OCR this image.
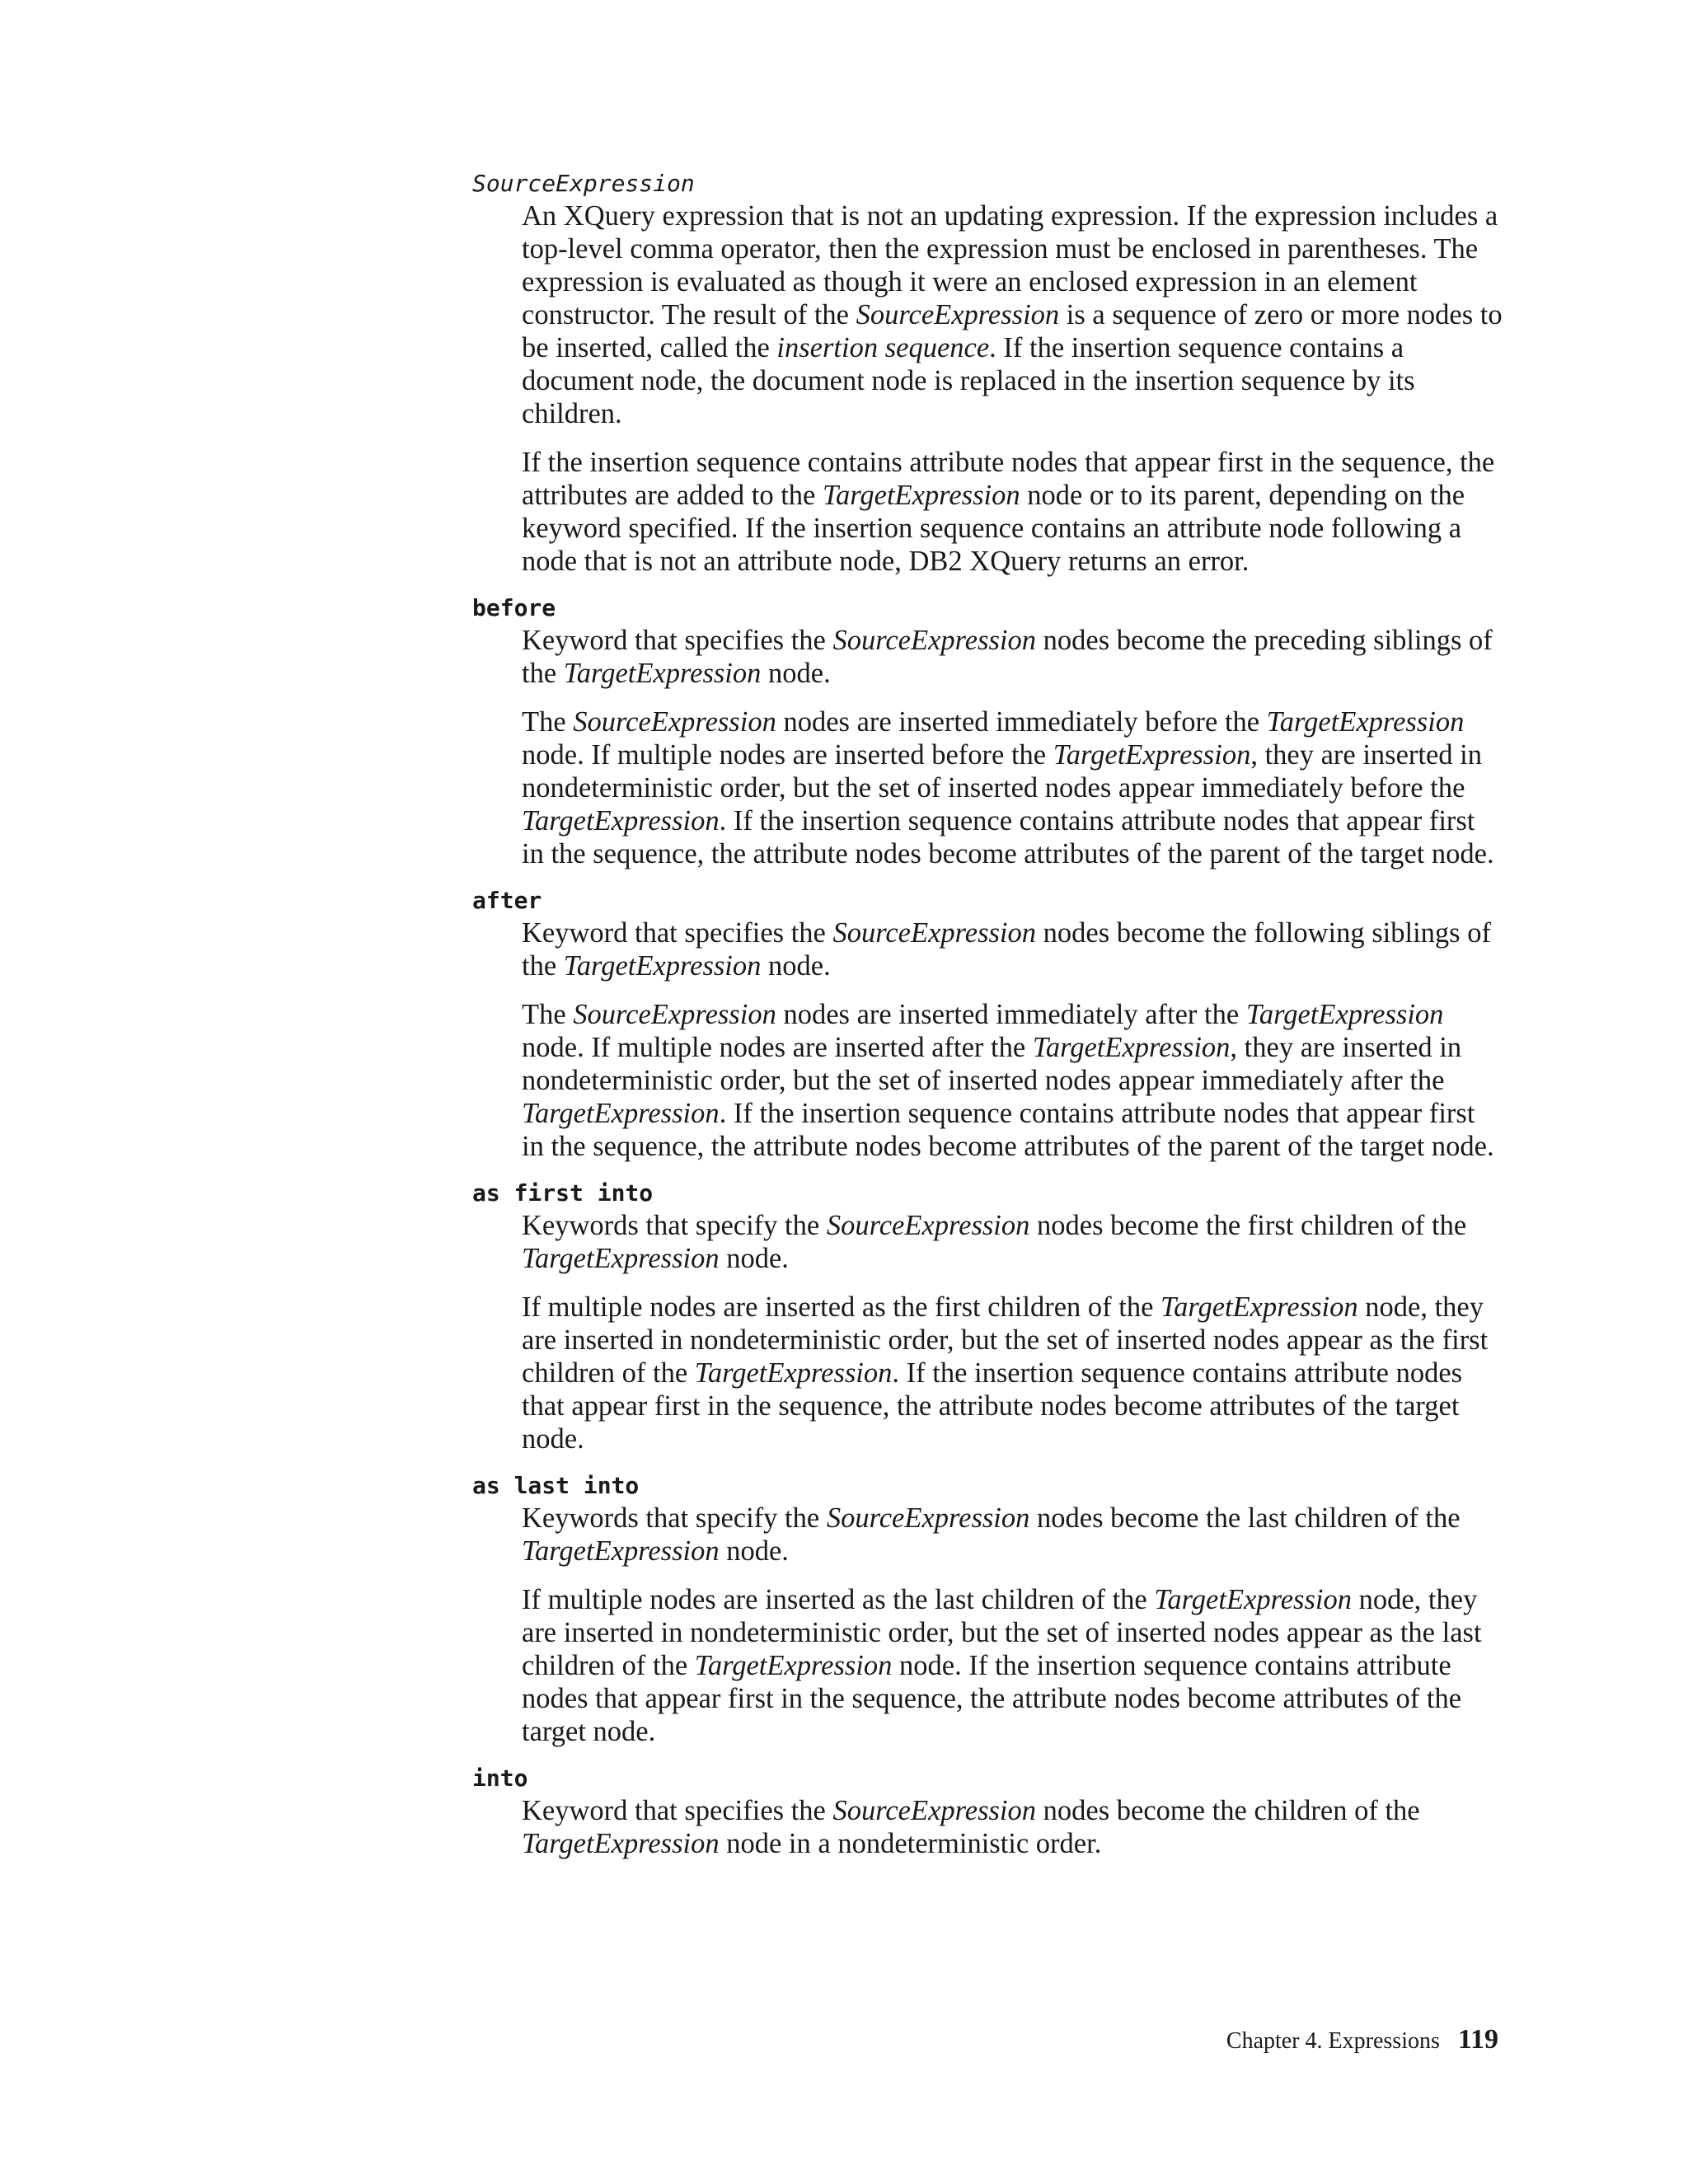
SourceExpression

An XQuery expression that is not an updating expression. If the expression includes a top-level comma operator, then the expression must be enclosed in parentheses. The expression is evaluated as though it were an enclosed expression in an element constructor. The result of the SourceExpression is a sequence of zero or more nodes to be inserted, called the insertion sequence. If the insertion sequence contains a document node, the document node is replaced in the insertion sequence by its children.

If the insertion sequence contains attribute nodes that appear first in the sequence, the attributes are added to the TargetExpression node or to its parent, depending on the keyword specified. If the insertion sequence contains an attribute node following a node that is not an attribute node, DB2 XQuery returns an error.

before

Keyword that specifies the SourceExpression nodes become the preceding siblings of the TargetExpression node.

The SourceExpression nodes are inserted immediately before the TargetExpression node. If multiple nodes are inserted before the TargetExpression, they are inserted in nondeterministic order, but the set of inserted nodes appear immediately before the TargetExpression. If the insertion sequence contains attribute nodes that appear first in the sequence, the attribute nodes become attributes of the parent of the target node.

after

Keyword that specifies the SourceExpression nodes become the following siblings of the TargetExpression node.

The SourceExpression nodes are inserted immediately after the TargetExpression node. If multiple nodes are inserted after the TargetExpression, they are inserted in nondeterministic order, but the set of inserted nodes appear immediately after the TargetExpression. If the insertion sequence contains attribute nodes that appear first in the sequence, the attribute nodes become attributes of the parent of the target node.

as first into

Keywords that specify the SourceExpression nodes become the first children of the TargetExpression node.

If multiple nodes are inserted as the first children of the TargetExpression node, they are inserted in nondeterministic order, but the set of inserted nodes appear as the first children of the TargetExpression. If the insertion sequence contains attribute nodes that appear first in the sequence, the attribute nodes become attributes of the target node.

as last into

Keywords that specify the SourceExpression nodes become the last children of the TargetExpression node.

If multiple nodes are inserted as the last children of the TargetExpression node, they are inserted in nondeterministic order, but the set of inserted nodes appear as the last children of the TargetExpression node. If the insertion sequence contains attribute nodes that appear first in the sequence, the attribute nodes become attributes of the target node.

into

Keyword that specifies the SourceExpression nodes become the children of the TargetExpression node in a nondeterministic order.

Chapter 4. Expressions 119
